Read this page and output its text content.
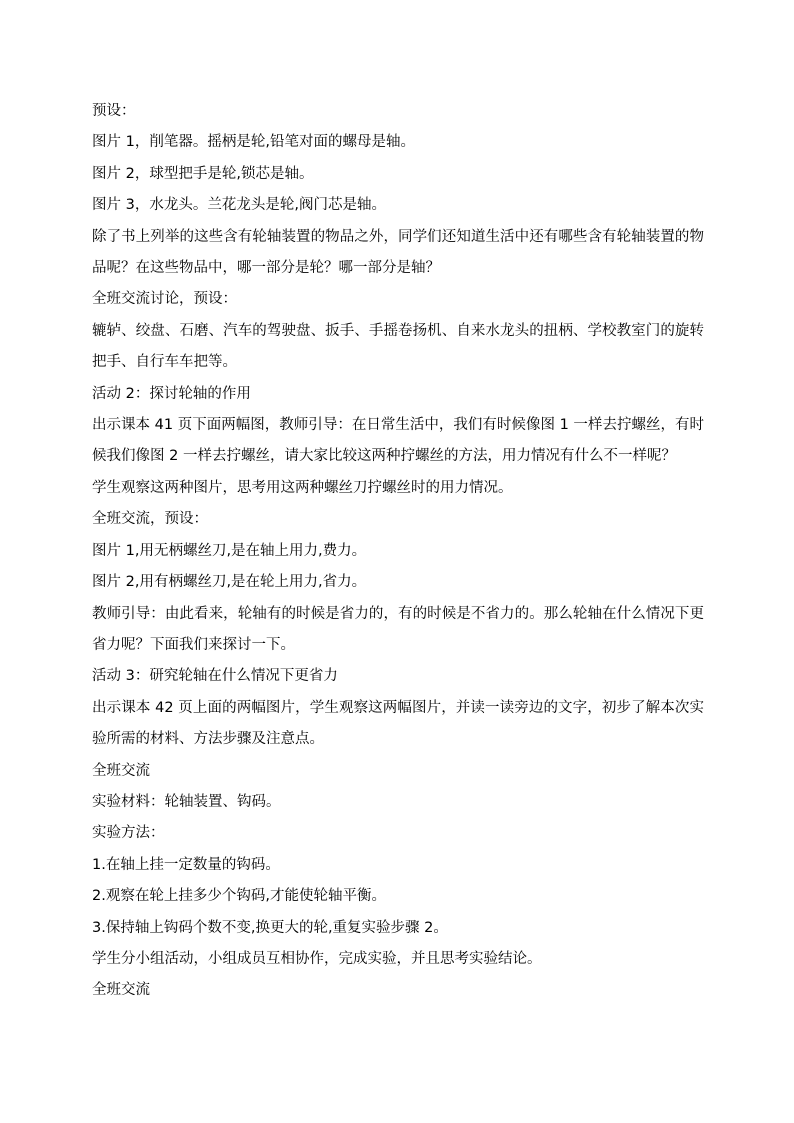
预设：

图片 1，削笔器。摇柄是轮,铅笔对面的螺母是轴。

图片 2，球型把手是轮,锁芯是轴。

图片 3，水龙头。兰花龙头是轮,阀门芯是轴。

除了书上列举的这些含有轮轴装置的物品之外，同学们还知道生活中还有哪些含有轮轴装置的物品呢？在这些物品中，哪一部分是轮？哪一部分是轴？

全班交流讨论，预设：

辘轳、绞盘、石磨、汽车的驾驶盘、扳手、手摇卷扬机、自来水龙头的扭柄、学校教室门的旋转把手、自行车车把等。

活动 2：探讨轮轴的作用

出示课本 41 页下面两幅图，教师引导：在日常生活中，我们有时候像图 1 一样去拧螺丝，有时候我们像图 2 一样去拧螺丝，请大家比较这两种拧螺丝的方法，用力情况有什么不一样呢？

学生观察这两种图片，思考用这两种螺丝刀拧螺丝时的用力情况。

全班交流，预设：

图片 1,用无柄螺丝刀,是在轴上用力,费力。

图片 2,用有柄螺丝刀,是在轮上用力,省力。

教师引导：由此看来，轮轴有的时候是省力的，有的时候是不省力的。那么轮轴在什么情况下更省力呢？下面我们来探讨一下。

活动 3：研究轮轴在什么情况下更省力

出示课本 42 页上面的两幅图片，学生观察这两幅图片，并读一读旁边的文字，初步了解本次实验所需的材料、方法步骤及注意点。

全班交流

实验材料：轮轴装置、钩码。

实验方法：

1.在轴上挂一定数量的钩码。

2.观察在轮上挂多少个钩码,才能使轮轴平衡。

3.保持轴上钩码个数不变,换更大的轮,重复实验步骤 2。

学生分小组活动，小组成员互相协作，完成实验，并且思考实验结论。

全班交流
